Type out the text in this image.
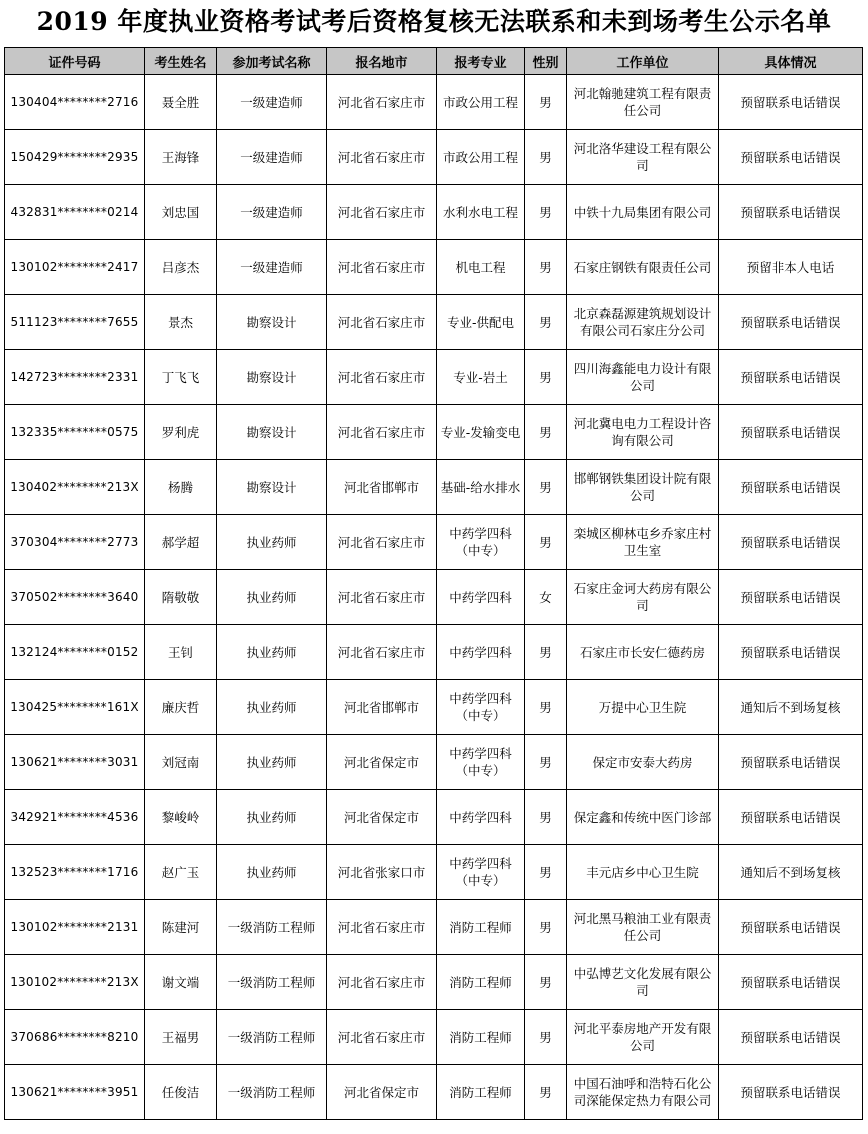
2019 年度执业资格考试考后资格复核无法联系和未到场考生公示名单
证件号码	考生姓名	参加考试名称	报名地市	报考专业	性别	工作单位	具体情况
130404********2716	聂全胜	一级建造师	河北省石家庄市	市政公用工程	男	河北翰驰建筑工程有限责任公司	预留联系电话错误
150429********2935	王海锋	一级建造师	河北省石家庄市	市政公用工程	男	河北洛华建设工程有限公司	预留联系电话错误
432831********0214	刘忠国	一级建造师	河北省石家庄市	水利水电工程	男	中铁十九局集团有限公司	预留联系电话错误
130102********2417	吕彦杰	一级建造师	河北省石家庄市	机电工程	男	石家庄钢铁有限责任公司	预留非本人电话
511123********7655	景杰	勘察设计	河北省石家庄市	专业-供配电	男	北京森磊源建筑规划设计有限公司石家庄分公司	预留联系电话错误
142723********2331	丁飞飞	勘察设计	河北省石家庄市	专业-岩土	男	四川海鑫能电力设计有限公司	预留联系电话错误
132335********0575	罗利虎	勘察设计	河北省石家庄市	专业-发输变电	男	河北冀电电力工程设计咨询有限公司	预留联系电话错误
130402********213X	杨腾	勘察设计	河北省邯郸市	基础-给水排水	男	邯郸钢铁集团设计院有限公司	预留联系电话错误
370304********2773	郝学超	执业药师	河北省石家庄市	中药学四科（中专）	男	栾城区柳林屯乡乔家庄村卫生室	预留联系电话错误
370502********3640	隋敬敬	执业药师	河北省石家庄市	中药学四科	女	石家庄金诃大药房有限公司	预留联系电话错误
132124********0152	王钊	执业药师	河北省石家庄市	中药学四科	男	石家庄市长安仁德药房	预留联系电话错误
130425********161X	廉庆哲	执业药师	河北省邯郸市	中药学四科（中专）	男	万提中心卫生院	通知后不到场复核
130621********3031	刘冠南	执业药师	河北省保定市	中药学四科（中专）	男	保定市安泰大药房	预留联系电话错误
342921********4536	黎峻岭	执业药师	河北省保定市	中药学四科	男	保定鑫和传统中医门诊部	预留联系电话错误
132523********1716	赵广玉	执业药师	河北省张家口市	中药学四科（中专）	男	丰元店乡中心卫生院	通知后不到场复核
130102********2131	陈建河	一级消防工程师	河北省石家庄市	消防工程师	男	河北黑马粮油工业有限责任公司	预留联系电话错误
130102********213X	谢文端	一级消防工程师	河北省石家庄市	消防工程师	男	中弘博艺文化发展有限公司	预留联系电话错误
370686********8210	王福男	一级消防工程师	河北省石家庄市	消防工程师	男	河北平泰房地产开发有限公司	预留联系电话错误
130621********3951	任俊洁	一级消防工程师	河北省保定市	消防工程师	男	中国石油呼和浩特石化公司深能保定热力有限公司	预留联系电话错误
